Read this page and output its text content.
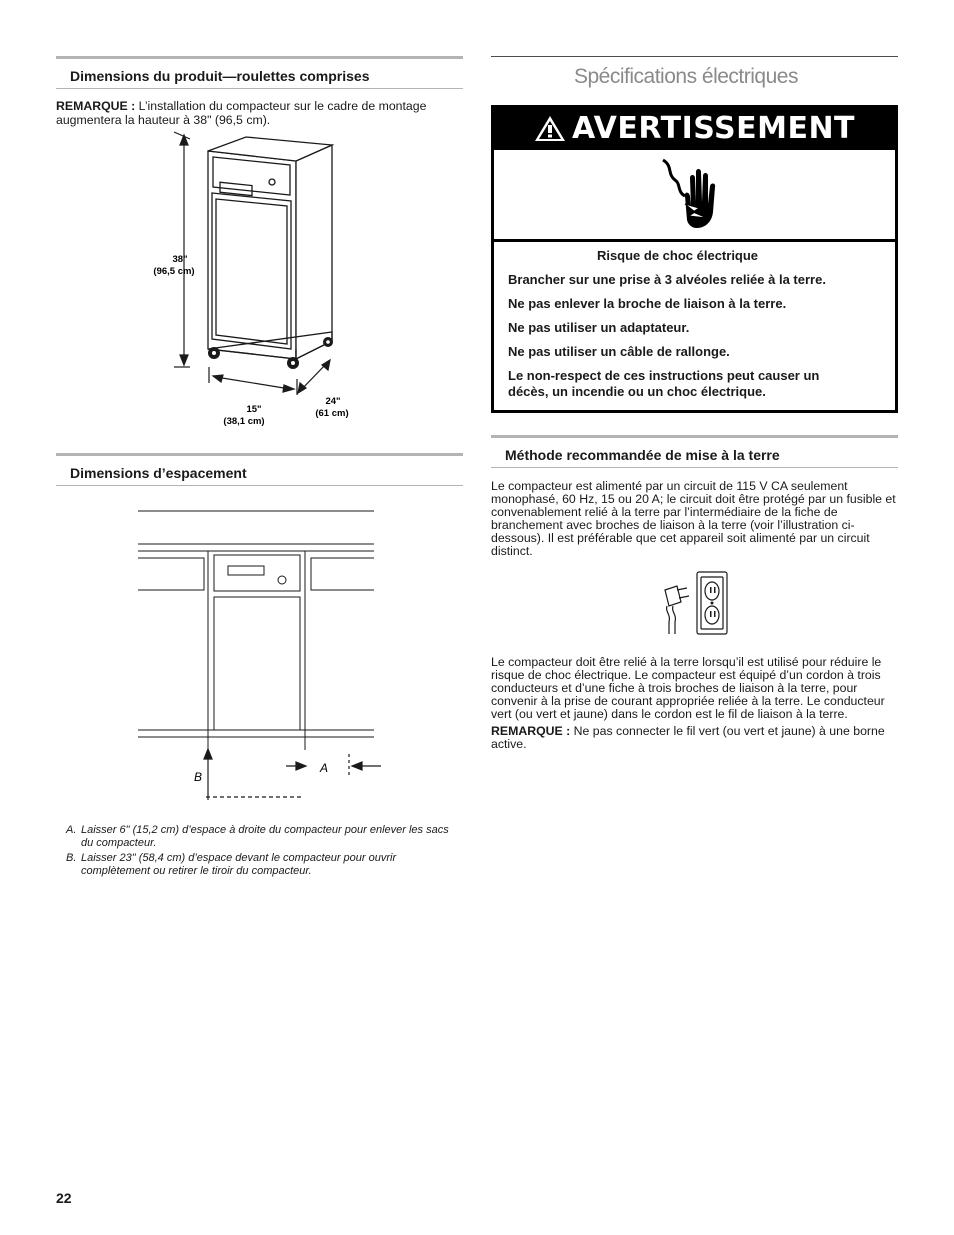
Dimensions du produit—roulettes comprises

REMARQUE : L’installation du compacteur sur le cadre de montage augmentera la hauteur à 38" (96,5 cm).

38"
(96,5 cm)
15"
(38,1 cm)
24"
(61 cm)
Dimensions d’espacement
B
A
A. Laisser 6" (15,2 cm) d’espace à droite du compacteur pour enlever les sacs du compacteur.
B. Laisser 23" (58,4 cm) d’espace devant le compacteur pour ouvrir complètement ou retirer le tiroir du compacteur.
Spécifications électriques
AVERTISSEMENT

Risque de choc électrique

Brancher sur une prise à 3 alvéoles reliée à la terre.

Ne pas enlever la broche de liaison à la terre.

Ne pas utiliser un adaptateur.

Ne pas utiliser un câble de rallonge.

Le non-respect de ces instructions peut causer un décès, un incendie ou un choc électrique.

Méthode recommandée de mise à la terre

Le compacteur est alimenté par un circuit de 115 V CA seulement monophasé, 60 Hz, 15 ou 20 A; le circuit doit être protégé par un fusible et convenablement relié à la terre par l’intermédiaire de la fiche de branchement avec broches de liaison à la terre (voir l’illustration ci-dessous). Il est préférable que cet appareil soit alimenté par un circuit distinct.

Le compacteur doit être relié à la terre lorsqu’il est utilisé pour réduire le risque de choc électrique. Le compacteur est équipé d’un cordon à trois conducteurs et d’une fiche à trois broches de liaison à la terre, pour convenir à la prise de courant appropriée reliée à la terre. Le conducteur vert (ou vert et jaune) dans le cordon est le fil de liaison à la terre.

REMARQUE : Ne pas connecter le fil vert (ou vert et jaune) à une borne active.

22
